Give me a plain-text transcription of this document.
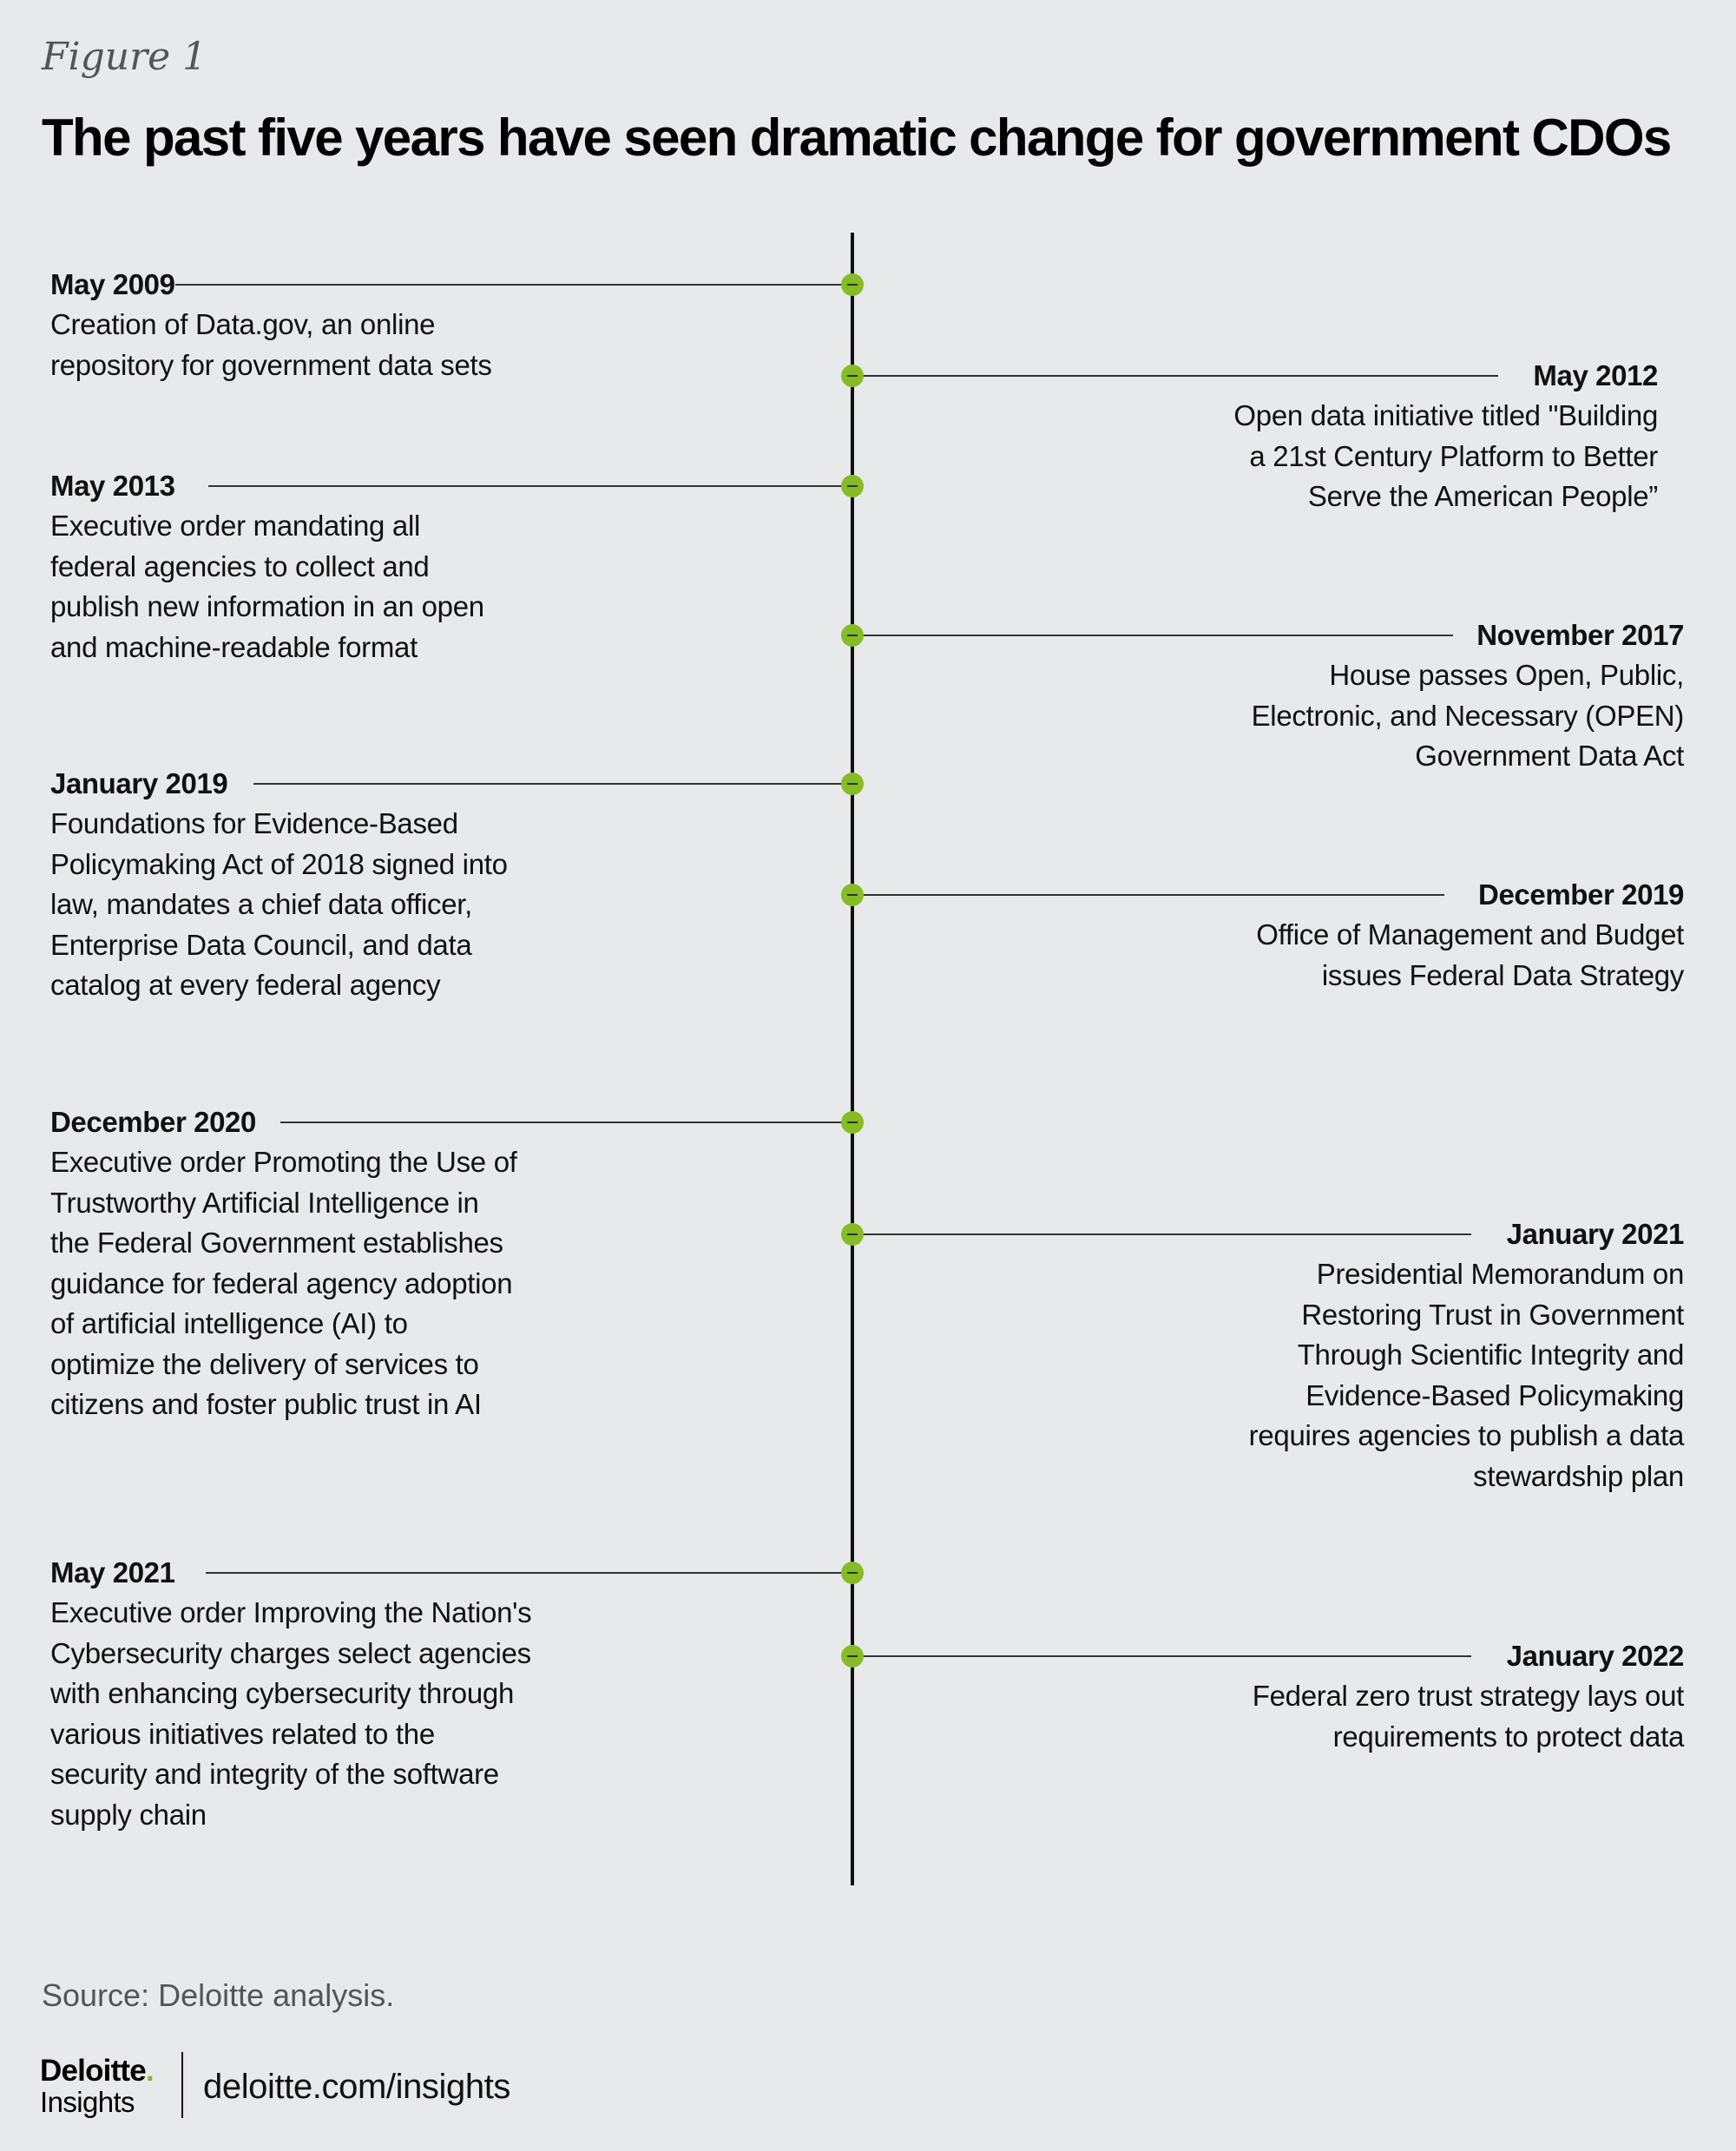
Figure 1
The past five years have seen dramatic change for government CDOs
May 2009
Creation of Data.gov, an online
repository for government data sets	May 2012
Open data initiative titled "Building
a 21st Century Platform to Better
Serve the American People”
May 2013
Executive order mandating all
federal agencies to collect and
publish new information in an open
and machine-readable format	November 2017
House passes Open, Public,
Electronic, and Necessary (OPEN)
Government Data Act
January 2019
Foundations for Evidence-Based
Policymaking Act of 2018 signed into
law, mandates a chief data officer,
Enterprise Data Council, and data
catalog at every federal agency
December 2019
Office of Management and Budget
issues Federal Data Strategy
December 2020
Executive order Promoting the Use of
Trustworthy Artificial Intelligence in
the Federal Government establishes
guidance for federal agency adoption
of artificial intelligence (AI) to
optimize the delivery of services to
citizens and foster public trust in AI
January 2021
Presidential Memorandum on
Restoring Trust in Government
Through Scientific Integrity and
Evidence-Based Policymaking
requires agencies to publish a data
stewardship plan
May 2021
Executive order Improving the Nation's
Cybersecurity charges select agencies
with enhancing cybersecurity through
various initiatives related to the
security and integrity of the software
supply chain
January 2022
Federal zero trust strategy lays out
requirements to protect data
Source: Deloitte analysis.
Deloitte.
Insights	deloitte.com/insights
